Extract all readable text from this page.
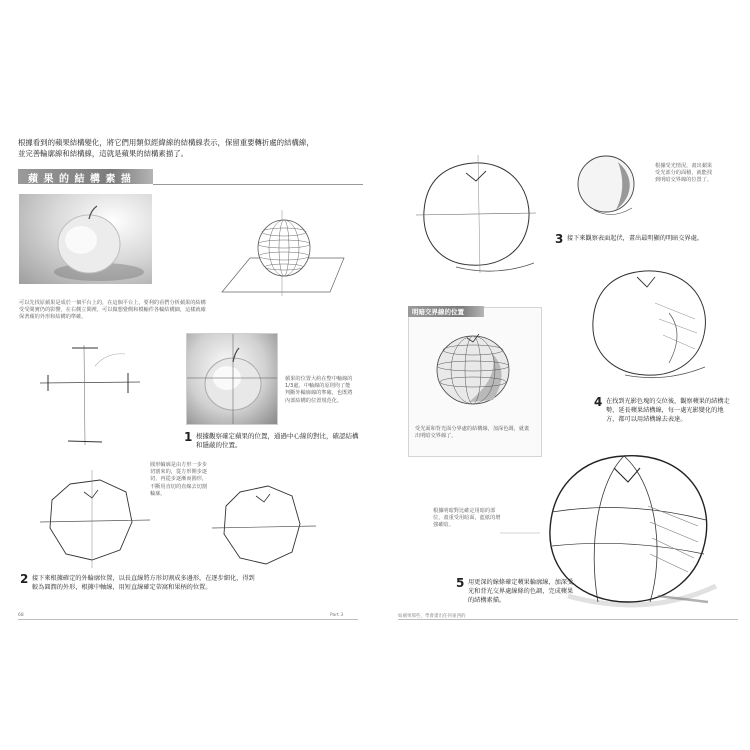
根據看到的蘋果結構變化，將它們用類似經緯線的結構線表示，保留重要轉折處的結構線，
並完善輪廓線和結構線，這就是蘋果的結構素描了。
蘋 果 的 結 構 素 描
可以先找原蘋果是成於一個平台上的，在這個平台上，要利的看們分析蘋果的結構受受間實仍的影響，在右側立間裡，可以做想覺側和模輸件各輪結構細，這樣就確保著蘋的外形和結構的準確。
蘋果的位置大約在整中軸線的1/3處，中軸線的原則均了能判斷外輪廓線的準確，也既將內部結構的位置規范化。
1 根據觀察確定蘋果的位置，通過中心線的對比，確認結構和隱蔽的位置。
圓形輪廓是由方形一步步切割來的，從方形開步逐切，再從步逐漸而圓形，不斷用直切的直線去切割輪廓。
2 接下來根據確定的外輪廓位置，以長直線將方形切割成多邊形，在逐步細化，得到較為圓潤的外形，根據中軸線，用短直線確定蒂窩和果柄的位置。
68	Part 3
根據受光情況，畫出蘋果受光部分的面積，就能找到明暗交界線的位置了。
3 接下來觀察表面起伏，畫出最明顯的明暗交界處。
明暗交界線的位置
受光面和背光面分界處的結構線，加深色調，就畫出明暗交界線了。
4 在找到光影色塊的交位後，觀察蘋果的結構走勢，延長蘋果結構線，每一處光影變化的地方，都可以用結構線去表達。
根據明暗對比確定用暗的部位，畫重受用暗面，藍紙的增強確暗。
5 用更深的線條確定蘋果輪廓線，加深受光和背光交界處線條的色調，完成蘋果的結構素描。
如蘋果那些，學會畫出任何東西的
